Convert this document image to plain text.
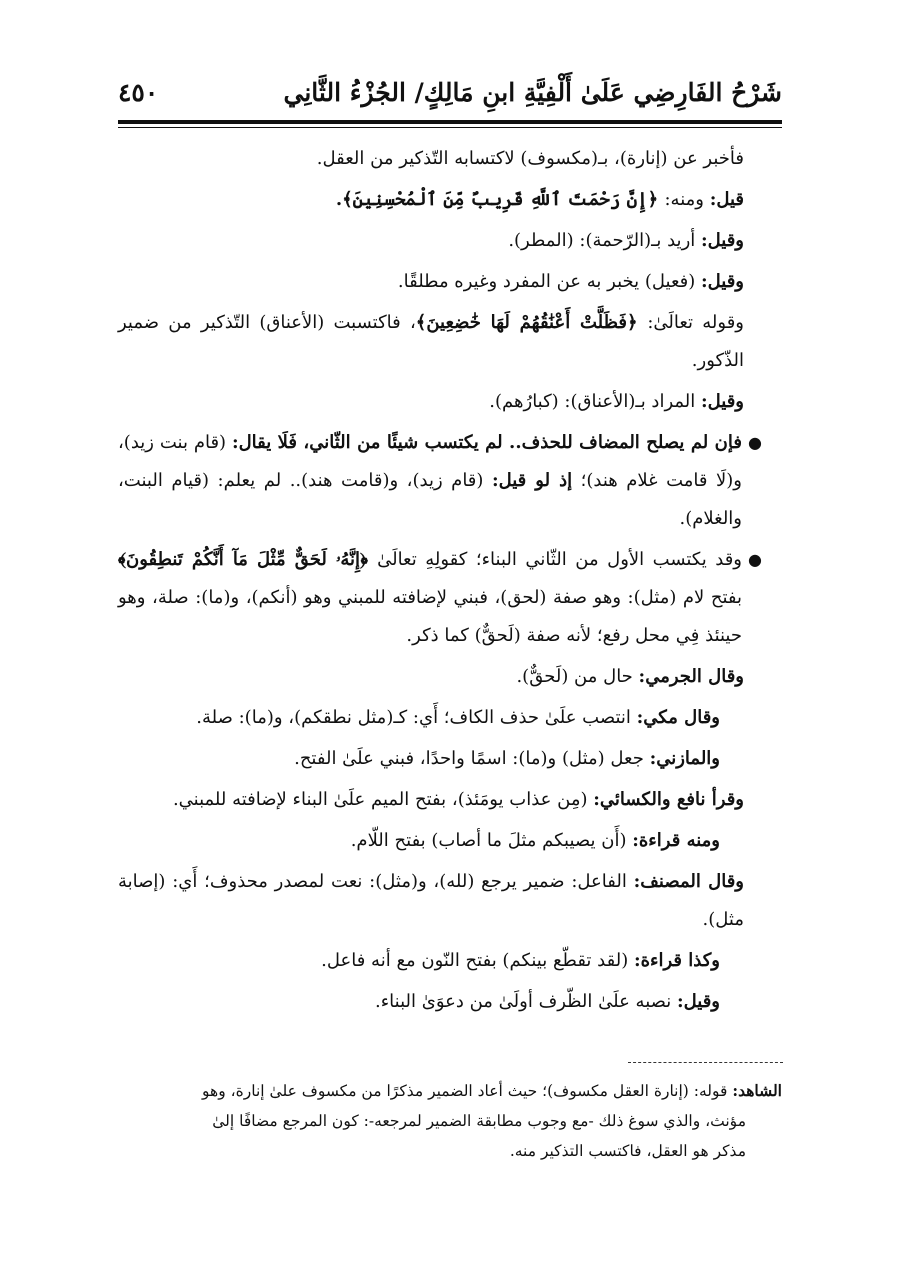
شَرْحُ الفَارِضِي عَلَىٰ أَلْفِيَّةِ ابنِ مَالِكٍ/ الجُزْءُ الثَّانِي
٤٥٠

فأخبر عن (إنارة)، بـ(مكسوف) لاكتسابه التّذكير من العقل.

قيل: ومنه: ﴿إِنَّ رَحْمَتَ ٱللَّهِ قَرِيبٌ مِّنَ ٱلْمُحْسِنِينَ﴾.

وقيل: أريد بـ(الرّحمة): (المطر).

وقيل: (فعيل) يخبر به عن المفرد وغيره مطلقًا.

وقوله تعالَىٰ: ﴿فَظَلَّتْ أَعْنَٰقُهُمْ لَهَا خَٰضِعِينَ﴾، فاكتسبت (الأعناق) التّذكير من ضمير الذّكور.

وقيل: المراد بـ(الأعناق): (كبارُهم).

●
فإن لم يصلح المضاف للحذف.. لم يكتسب شيئًا من الثّاني، فَلَا يقال: (قام بنت زيد)، و(لَا قامت غلام هند)؛ إذ لو قيل: (قام زيد)، و(قامت هند).. لم يعلم: (قيام البنت، والغلام).
●
وقد يكتسب الأول من الثّاني البناء؛ كقولِهِ تعالَىٰ ﴿إِنَّهُۥ لَحَقٌّ مِّثْلَ مَآ أَنَّكُمْ تَنطِقُونَ﴾ بفتح لام (مثل): وهو صفة (لحق)، فبني لإضافته للمبني وهو (أنكم)، و(ما): صلة، وهو حينئذ فِي محل رفع؛ لأنه صفة (لَحقٌّ) كما ذكر.

وقال الجرمي: حال من (لَحقٌّ).

وقال مكي: انتصب علَىٰ حذف الكاف؛ أَي: كـ(مثل نطقكم)، و(ما): صلة.

والمازني: جعل (مثل) و(ما): اسمًا واحدًا، فبني علَىٰ الفتح.

وقرأ نافع والكسائي: (مِن عذاب يومَئذ)، بفتح الميم علَىٰ البناء لإضافته للمبني.

ومنه قراءة: (أَن يصيبكم مثلَ ما أصاب) بفتح اللّام.

وقال المصنف: الفاعل: ضمير يرجع (لله)، و(مثل): نعت لمصدر محذوف؛ أَي: (إصابة مثل).

وكذا قراءة: (لقد تقطّع بينكم) بفتح النّون مع أنه فاعل.

وقيل: نصبه علَىٰ الظّرف أولَىٰ من دعوَىٰ البناء.

الشاهد: قوله: (إنارة العقل مكسوف)؛ حيث أعاد الضمير مذكرًا من مكسوف علىٰ إنارة، وهو
مؤنث، والذي سوغ ذلك -مع وجوب مطابقة الضمير لمرجعه-: كون المرجع مضافًا إلىٰ
مذكر هو العقل، فاكتسب التذكير منه.
